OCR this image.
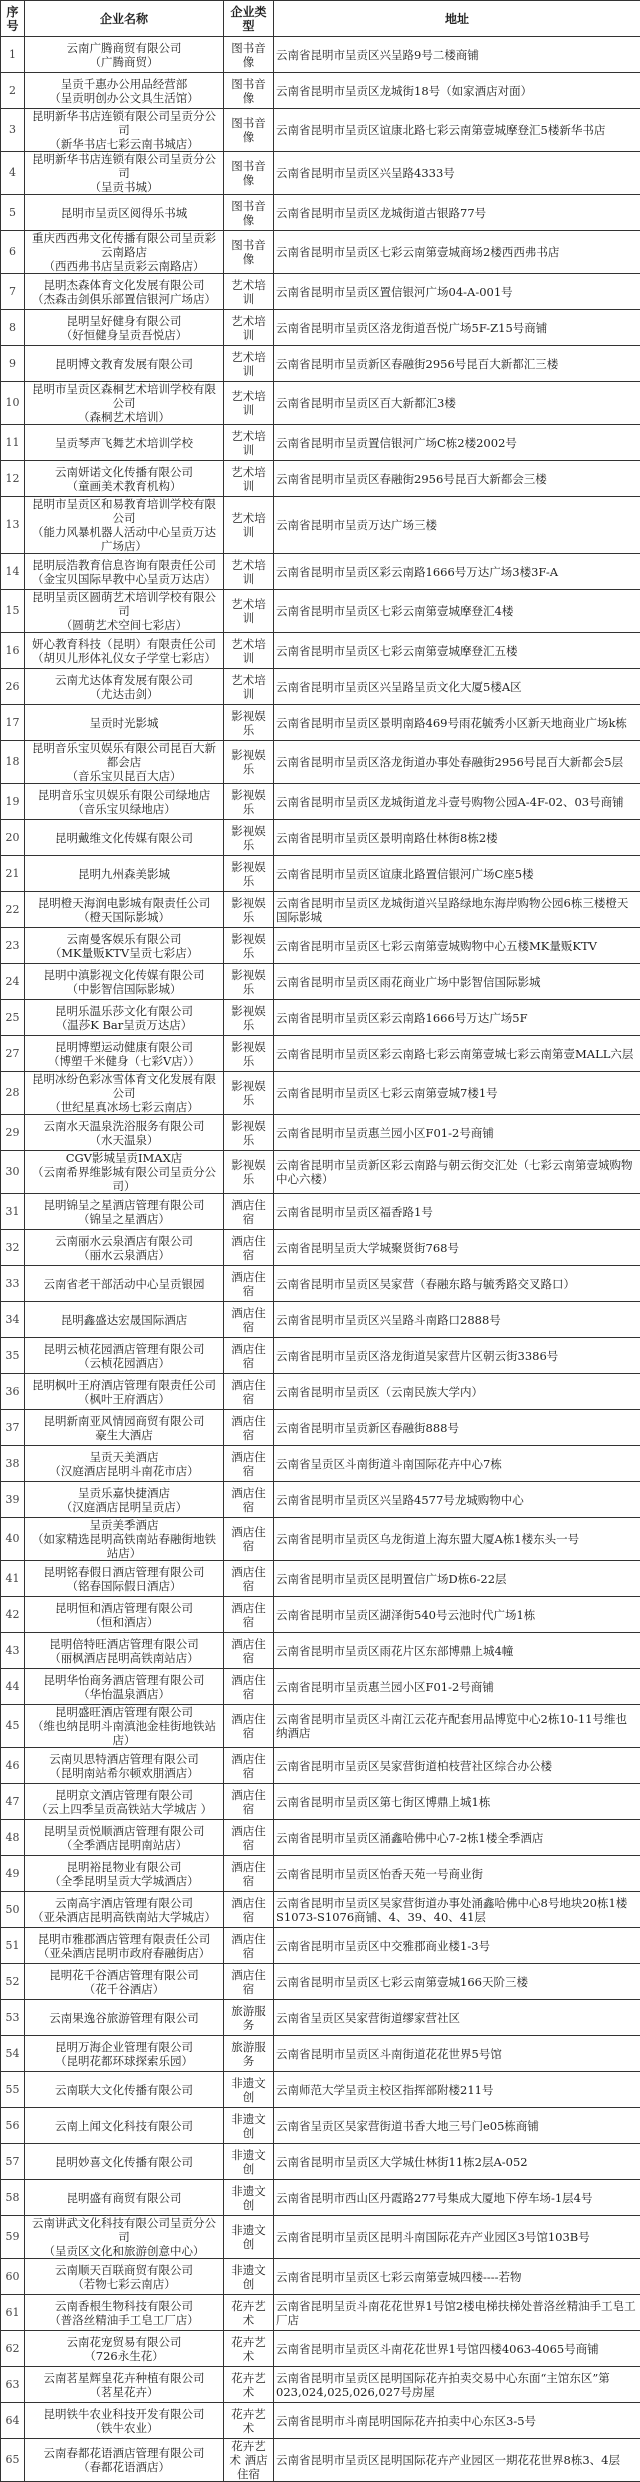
序号	企业名称	企业类型	地址
1	云南广腾商贸有限公司
（广腾商贸）	图书音像	云南省昆明市呈贡区兴呈路9号二楼商铺
2	呈贡千惠办公用品经营部
（呈贡明创办公文具生活馆）	图书音像	云南省昆明市呈贡区龙城街18号（如家酒店对面）
3	昆明新华书店连锁有限公司呈贡分公司
（新华书店七彩云南书城店）	图书音像	云南省昆明市呈贡区谊康北路七彩云南第壹城摩登汇5楼新华书店
4	昆明新华书店连锁有限公司呈贡分公司
（呈贡书城）	图书音像	云南省昆明市呈贡区兴呈路4333号
5	昆明市呈贡区阅得乐书城	图书音像	云南省昆明市呈贡区龙城街道古银路77号
6	重庆西西弗文化传播有限公司呈贡彩云南路店
（西西弗书店呈贡彩云南路店）	图书音像	云南省昆明市呈贡区七彩云南第壹城商场2楼西西弗书店
7	昆明杰森体育文化发展有限公司
（杰森击剑俱乐部置信银河广场店）	艺术培训	云南省昆明市呈贡区置信银河广场04-A-001号
8	昆明呈好健身有限公司
（好恒健身呈贡吾悦店）	艺术培训	云南省昆明市呈贡区洛龙街道吾悦广场5F-Z15号商铺
9	昆明博文教育发展有限公司	艺术培训	云南省昆明市呈贡新区春融街2956号昆百大新都汇三楼
10	昆明市呈贡区森桐艺术培训学校有限公司
（森桐艺术培训）	艺术培训	云南省昆明市呈贡区百大新都汇3楼
11	呈贡琴声飞舞艺术培训学校	艺术培训	云南省昆明市呈贡置信银河广场C栋2楼2002号
12	云南妍诺文化传播有限公司
（童画美术教育机构）	艺术培训	云南省昆明市呈贡区春融街2956号昆百大新都会三楼
13	昆明市呈贡区和易教育培训学校有限公司
（能力风暴机器人活动中心呈贡万达广场店）	艺术培训	云南省昆明市呈贡万达广场三楼
14	昆明辰浩教育信息咨询有限责任公司
（金宝贝国际早教中心呈贡万达店）	艺术培训	云南省昆明市呈贡区彩云南路1666号万达广场3楼3F-A
15	昆明呈贡区圆萌艺术培训学校有限公司
（圆萌艺术空间七彩店）	艺术培训	云南省昆明市呈贡区七彩云南第壹城摩登汇4楼
16	妍心教育科技（昆明）有限责任公司
（胡贝儿形体礼仪女子学堂七彩店）	艺术培训	云南省昆明市呈贡区七彩云南第壹城摩登汇五楼
26	云南尤达体育发展有限公司
（尤达击剑）	艺术培训	云南省昆明市呈贡区兴呈路呈贡文化大厦5楼A区
17	呈贡时光影城	影视娱乐	云南省昆明市呈贡区景明南路469号雨花毓秀小区新天地商业广场k栋
18	昆明音乐宝贝娱乐有限公司昆百大新都会店
（音乐宝贝昆百大店）	影视娱乐	云南省昆明市呈贡区洛龙街道办事处春融街2956号昆百大新都会5层
19	昆明音乐宝贝娱乐有限公司绿地店
（音乐宝贝绿地店）	影视娱乐	云南省昆明市呈贡区龙城街道龙斗壹号购物公园A-4F-02、03号商铺
20	昆明戴维文化传媒有限公司	影视娱乐	云南省昆明市呈贡区景明南路仕林街8栋2楼
21	昆明九州森美影城	影视娱乐	云南省昆明市呈贡区谊康北路置信银河广场C座5楼
22	昆明橙天海润电影城有限责任公司
（橙天国际影城）	影视娱乐	云南省昆明市呈贡区龙城街道兴呈路绿地东海岸购物公园6栋三楼橙天国际影城
23	云南曼客娱乐有限公司
（MK量贩KTV呈贡七彩店）	影视娱乐	云南省昆明市呈贡区七彩云南第壹城购物中心五楼MK量贩KTV
24	昆明中滇影视文化传媒有限公司
（中影智信国际影城）	影视娱乐	云南省昆明市呈贡区雨花商业广场中影智信国际影城
25	昆明乐温乐莎文化有限公司
（温莎K Bar呈贡万达店）	影视娱乐	云南省昆明市呈贡区彩云南路1666号万达广场5F
27	昆明博塑运动健康有限公司
（博塑千米健身（七彩V店））	影视娱乐	云南省昆明市呈贡区彩云南路七彩云南第壹城七彩云南第壹MALL六层
28	昆明冰纷色彩冰雪体育文化发展有限公司
（世纪星真冰场七彩云南店）	影视娱乐	云南省昆明市呈贡区七彩云南第壹城7楼1号
29	云南水天温泉洗浴服务有限公司
（水天温泉）	影视娱乐	云南省昆明市呈贡惠兰园小区F01-2号商铺
30	CGV影城呈贡IMAX店
（云南希界维影城有限公司呈贡分公司）	影视娱乐	云南省昆明市呈贡新区彩云南路与朝云街交汇处（七彩云南第壹城购物中心六楼）
31	昆明锦呈之星酒店管理有限公司
（锦呈之星酒店）	酒店住宿	云南省昆明市呈贡区福香路1号
32	云南丽水云泉酒店有限公司
（丽水云泉酒店）	酒店住宿	云南省昆明呈贡大学城聚贤街768号
33	云南省老干部活动中心呈贡银园	酒店住宿	云南省昆明市呈贡区吴家营（春融东路与毓秀路交叉路口）
34	昆明鑫盛达宏晟国际酒店	酒店住宿	云南省昆明市呈贡区兴呈路斗南路口2888号
35	昆明云桢花园酒店管理有限公司
（云桢花园酒店）	酒店住宿	云南省昆明市呈贡区洛龙街道吴家营片区朝云街3386号
36	昆明枫叶王府酒店管理有限责任公司
（枫叶王府酒店）	酒店住宿	云南省昆明市呈贡区（云南民族大学内）
37	昆明新南亚风情园商贸有限公司
豪生大酒店	酒店住宿	云南省昆明市呈贡新区春融街888号
38	呈贡天美酒店
（汉庭酒店昆明斗南花市店）	酒店住宿	云南省呈贡区斗南街道斗南国际花卉中心7栋
39	呈贡乐嘉快捷酒店
（汉庭酒店昆明呈贡店）	酒店住宿	云南省昆明市呈贡区兴呈路4577号龙城购物中心
40	呈贡美季酒店
（如家精选昆明高铁南站春融街地铁站店）	酒店住宿	云南省昆明市呈贡区乌龙街道上海东盟大厦A栋1楼东头一号
41	昆明铭春假日酒店管理有限公司
（铭春国际假日酒店）	酒店住宿	云南省昆明市呈贡区昆明置信广场D栋6-22层
42	昆明恒和酒店管理有限公司
（恒和酒店）	酒店住宿	云南省昆明市呈贡区湖泽街540号云池时代广场1栋
43	昆明倍特旺酒店管理有限公司
（丽枫酒店昆明高铁南站店）	酒店住宿	云南省昆明市呈贡区雨花片区东部博鼎上城4幢
44	昆明华怡商务酒店管理有限公司
（华怡温泉酒店）	酒店住宿	云南省昆明市呈贡惠兰园小区F01-2号商铺
45	昆明盛旺酒店管理有限公司
（维也纳昆明斗南滇池金桂街地铁站店）	酒店住宿	云南省昆明市呈贡区斗南江云花卉配套用品博览中心2栋10-11号维也纳酒店
46	云南贝思特酒店管理有限公司
（昆明南站希尔顿欢朋酒店）	酒店住宿	云南省昆明市呈贡区吴家营街道柏枝营社区综合办公楼
47	昆明京文酒店管理有限公司
（云上四季呈贡高铁站大学城店 ）	酒店住宿	云南省昆明市呈贡区第七街区博鼎上城1栋
48	昆明呈贡悦顺酒店管理有限公司
（全季酒店昆明南站店）	酒店住宿	云南省昆明市呈贡区涌鑫哈佛中心7-2栋1楼全季酒店
49	昆明裕昆物业有限公司
（全季昆明呈贡大学城酒店）	酒店住宿	云南省昆明市呈贡区怡香天苑一号商业街
50	云南高宇酒店管理有限公司
（亚朵酒店昆明高铁南站大学城店）	酒店住宿	云南省昆明市呈贡区吴家营街道办事处涌鑫哈佛中心8号地块20栋1楼S1073-S1076商铺、4、39、40、41层
51	昆明市雅郡酒店管理有限责任公司
（亚朵酒店昆明市政府春融街店）	酒店住宿	云南省昆明市呈贡区中交雅郡商业楼1-3号
52	昆明花千谷酒店管理有限公司
（花千谷酒店）	酒店住宿	云南省昆明市呈贡区七彩云南第壹城166天阶三楼
53	云南果逸谷旅游管理有限公司	旅游服务	云南省呈贡区吴家营街道缪家营社区
54	昆明万海企业管理有限公司
（昆明花都环球探索乐园）	旅游服务	云南省昆明市呈贡区斗南街道花花世界5号馆
55	云南联大文化传播有限公司	非遗文创	云南师范大学呈贡主校区指挥部附楼211号
56	云南上闻文化科技有限公司	非遗文创	云南省呈贡区吴家营街道书香大地三号门e05栋商铺
57	昆明妙喜文化传播有限公司	非遗文创	云南省昆明市呈贡区大学城仕林街11栋2层A-052
58	昆明盛有商贸有限公司	非遗文创	云南省昆明市西山区丹霞路277号集成大厦地下停车场-1层4号
59	云南讲武文化科技有限公司呈贡分公司
（呈贡区文化和旅游创意中心）	非遗文创	云南省昆明市呈贡区昆明斗南国际花卉产业园区3号馆103B号
60	云南顺天百联商贸有限公司
（若物七彩云南店）	非遗文创	云南省昆明市呈贡区七彩云南第壹城四楼----若物
61	云南香根生物科技有限公司
（普洛丝精油手工皂工厂店）	花卉艺术	云南省昆明呈贡斗南花花世界1号馆2楼电梯扶梯处普洛丝精油手工皂工厂店
62	云南花宠贸易有限公司
（726永生花）	花卉艺术	云南省昆明市呈贡区斗南花花世界1号馆四楼4063-4065号商铺
63	云南茗星辉皇花卉种植有限公司
（茗星花卉）	花卉艺术	云南省昆明市呈贡区昆明国际花卉拍卖交易中心东面“主馆东区”第023,024,025,026,027号房屋
64	昆明铁牛农业科技开发有限公司
（铁牛农业）	花卉艺术	云南省昆明市斗南昆明国际花卉拍卖中心东区3-5号
65	云南春都花语酒店管理有限公司
（春都花语酒店）	花卉艺术 酒店住宿	云南省昆明市呈贡区昆明国际花卉产业园区一期花花世界8栋3、4层
